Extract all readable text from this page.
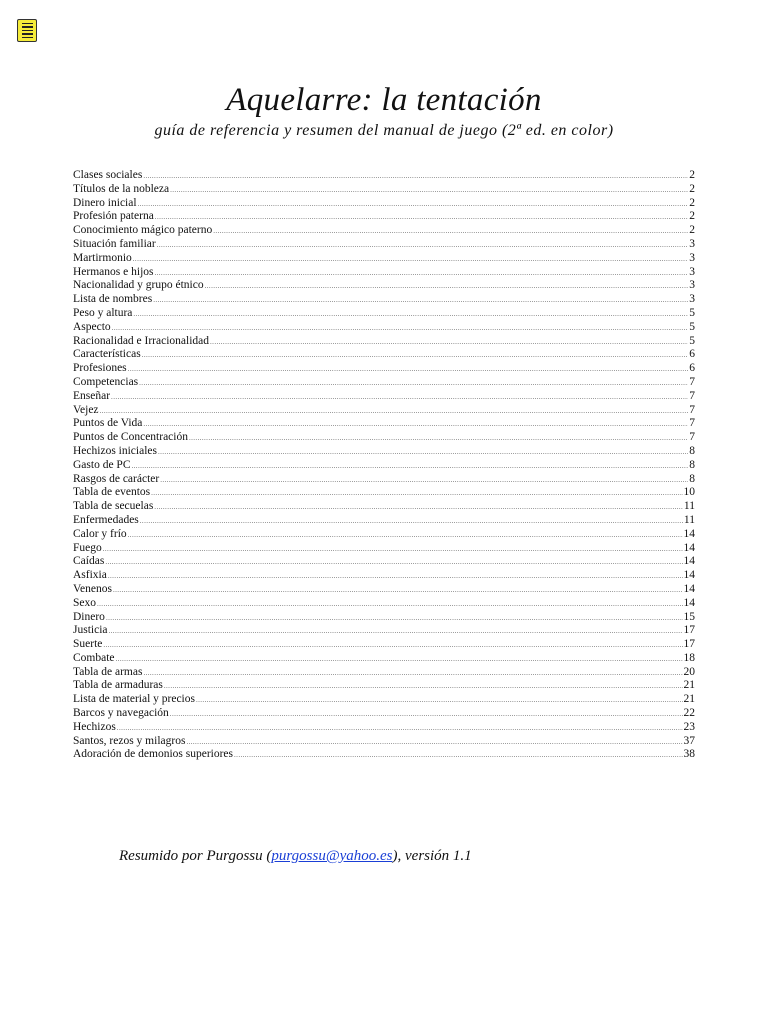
Aquelarre: la tentación
guía de referencia y resumen del manual de juego (2ª ed. en color)
Clases sociales .....	2
Títulos de la nobleza .....	2
Dinero inicial .....	2
Profesión paterna .....	2
Conocimiento mágico paterno .....	2
Situación familiar .....	3
Martirmonio .....	3
Hermanos e hijos .....	3
Nacionalidad y grupo étnico .....	3
Lista de nombres .....	3
Peso y altura .....	5
Aspecto .....	5
Racionalidad e Irracionalidad .....	5
Características .....	6
Profesiones .....	6
Competencias .....	7
Enseñar .....	7
Vejez .....	7
Puntos de Vida .....	7
Puntos de Concentración .....	7
Hechizos iniciales .....	8
Gasto de PC .....	8
Rasgos de carácter .....	8
Tabla de eventos .....	10
Tabla de secuelas .....	11
Enfermedades .....	11
Calor y frío .....	14
Fuego .....	14
Caídas .....	14
Asfixia .....	14
Venenos .....	14
Sexo .....	14
Dinero .....	15
Justicia .....	17
Suerte .....	17
Combate .....	18
Tabla de armas .....	20
Tabla de armaduras .....	21
Lista de material y precios .....	21
Barcos y navegación .....	22
Hechizos .....	23
Santos, rezos y milagros .....	37
Adoración de demonios superiores .....	38
Resumido por Purgossu (purgossu@yahoo.es), versión 1.1
